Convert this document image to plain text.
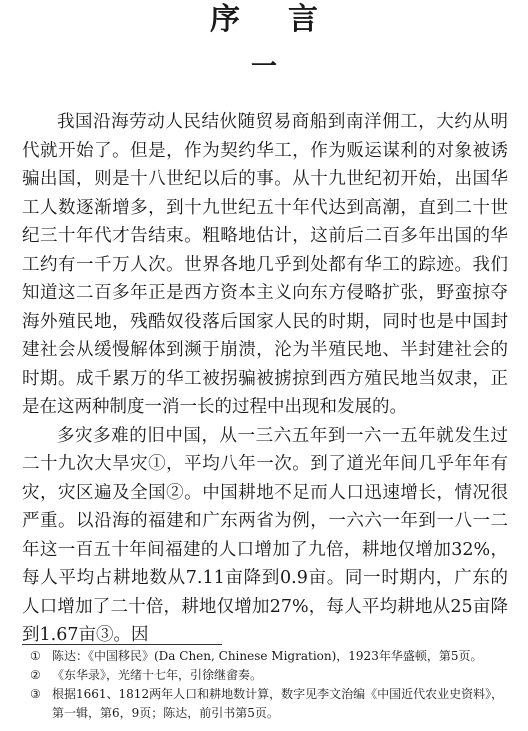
序言
一

我国沿海劳动人民结伙随贸易商船到南洋佣工，大约从明代就开始了。但是，作为契约华工，作为贩运谋利的对象被诱骗出国，则是十八世纪以后的事。从十九世纪初开始，出国华工人数逐渐增多，到十九世纪五十年代达到高潮，直到二十世纪三十年代才告结束。粗略地估计，这前后二百多年出国的华工约有一千万人次。世界各地几乎到处都有华工的踪迹。我们知道这二百多年正是西方资本主义向东方侵略扩张，野蛮掠夺海外殖民地，残酷奴役落后国家人民的时期，同时也是中国封建社会从缓慢解体到濒于崩溃，沦为半殖民地、半封建社会的时期。成千累万的华工被拐骗被掳掠到西方殖民地当奴隶，正是在这两种制度一消一长的过程中出现和发展的。

多灾多难的旧中国，从一三六五年到一六一五年就发生过二十九次大旱灾①，平均八年一次。到了道光年间几乎年年有灾，灾区遍及全国②。中国耕地不足而人口迅速增长，情况很严重。以沿海的福建和广东两省为例，一六六一年到一八一二年这一百五十年间福建的人口增加了九倍，耕地仅增加32%，每人平均占耕地数从7.11亩降到0.9亩。同一时期内，广东的人口增加了二十倍，耕地仅增加27%，每人平均耕地从25亩降到1.67亩③。因

① 陈达：《中国移民》(Da Chen, Chinese Migration)，1923年华盛顿，第5页。
② 《东华录》，光绪十七年，引徐继畲奏。
③ 根据1661、1812两年人口和耕地数计算，数字见李文治编《中国近代农业史资料》，第一辑，第6，9页；陈达，前引书第5页。
